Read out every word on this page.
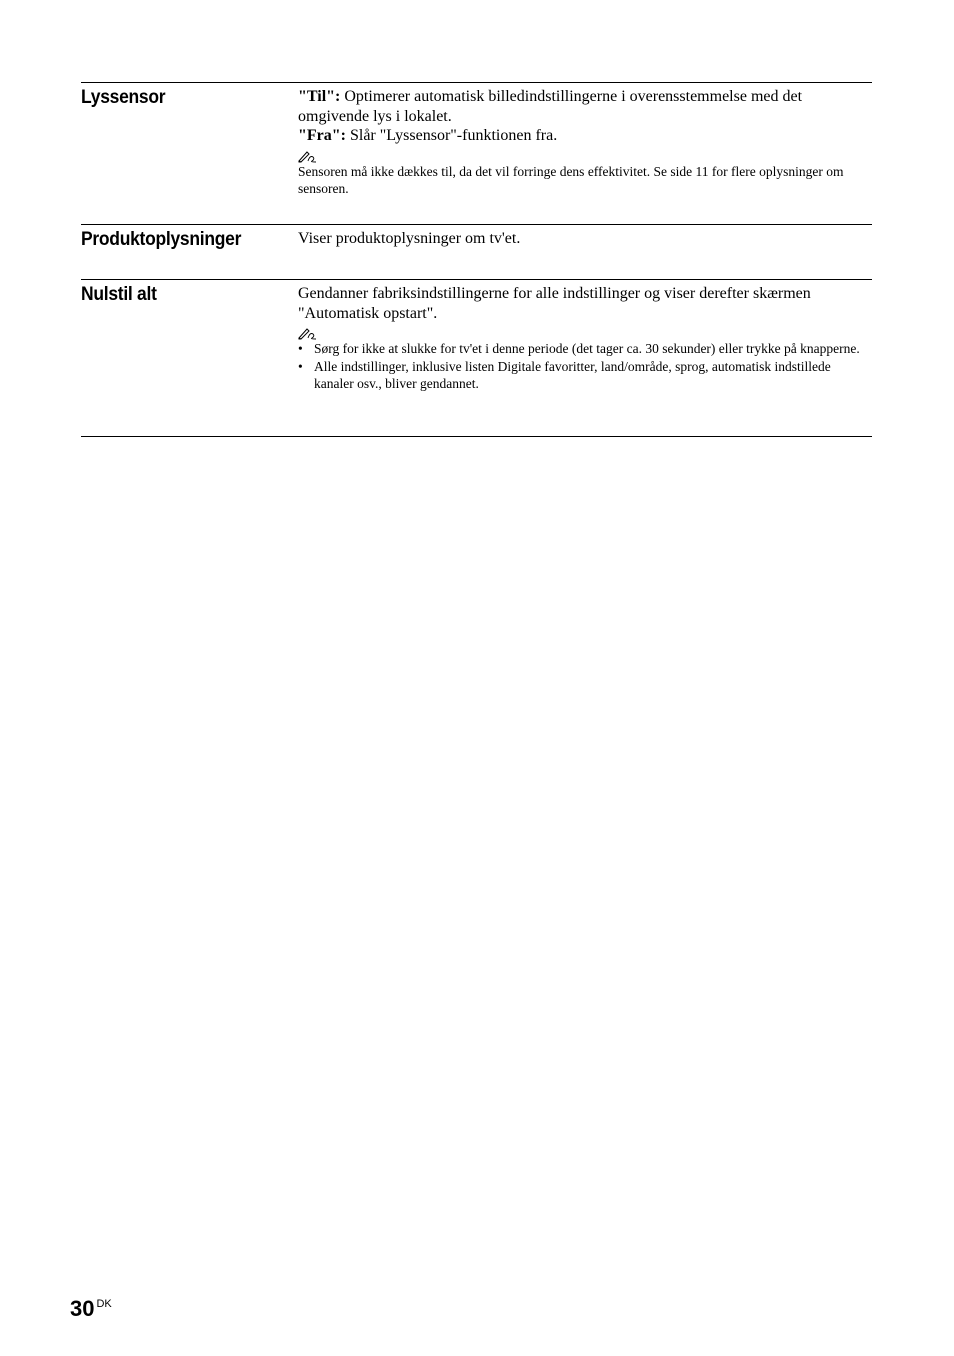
Lyssensor	"Til": Optimerer automatisk billedindstillingerne i overensstemmelse med det omgivende lys i lokalet.

"Fra": Slår "Lyssensor"-funktionen fra.

Sensoren må ikke dækkes til, da det vil forringe dens effektivitet. Se side 11 for flere oplysninger om sensoren.
Produktoplysninger	Viser produktoplysninger om tv'et.

Nulstil alt	Gendanner fabriksindstillingerne for alle indstillinger og viser derefter skærmen "Automatisk opstart".

• Sørg for ikke at slukke for tv'et i denne periode (det tager ca. 30 sekunder) eller trykke på knapperne.
• Alle indstillinger, inklusive listen Digitale favoritter, land/område, sprog, automatisk indstillede kanaler osv., bliver gendannet.
30 $^{DK}$
